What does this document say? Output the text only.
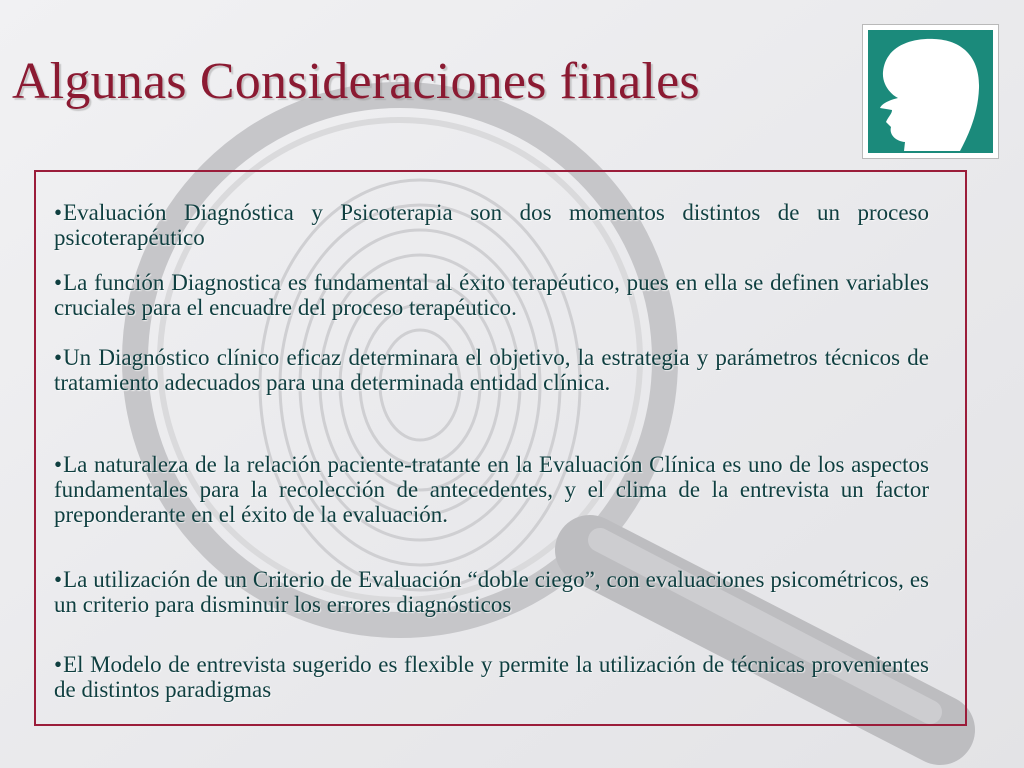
Algunas Consideraciones finales
•Evaluación Diagnóstica y Psicoterapia son dos momentos distintos de un proceso psicoterapéutico
•La función Diagnostica es fundamental al éxito terapéutico, pues en ella se definen variables cruciales para el encuadre del proceso terapéutico.
•Un Diagnóstico clínico eficaz determinara el objetivo, la estrategia y parámetros técnicos de tratamiento adecuados para una determinada entidad clínica.
•La naturaleza de la relación paciente-tratante en la Evaluación Clínica es uno de los aspectos fundamentales para la recolección de antecedentes, y el clima de la entrevista un factor preponderante en el éxito de la evaluación.
•La utilización de un Criterio de Evaluación “doble ciego”, con evaluaciones psicométricos, es un criterio para disminuir los errores diagnósticos
•El Modelo de entrevista sugerido es flexible y permite la utilización de técnicas provenientes de distintos paradigmas
